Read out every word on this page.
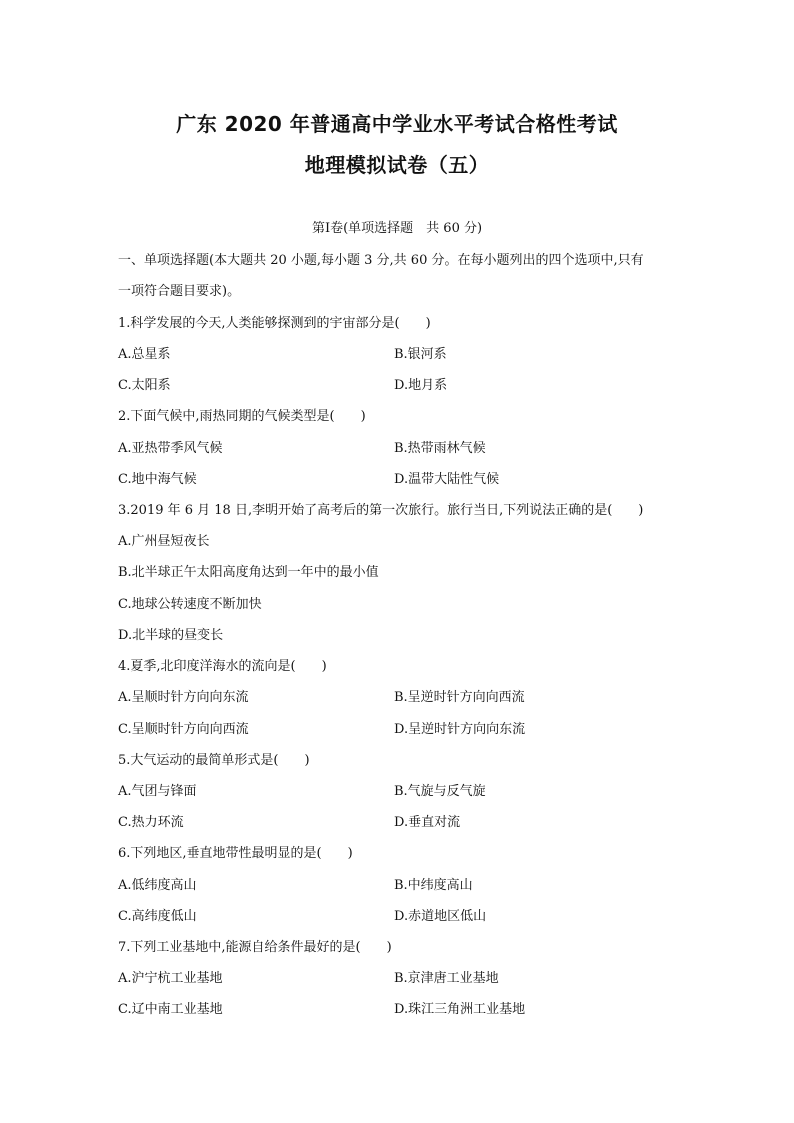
广东 2020 年普通高中学业水平考试合格性考试
地理模拟试卷（五）
第Ⅰ卷(单项选择题　共 60 分)
一、单项选择题(本大题共 20 小题,每小题 3 分,共 60 分。在每小题列出的四个选项中,只有
一项符合题目要求)。
1.科学发展的今天,人类能够探测到的宇宙部分是(　　)
A.总星系	B.银河系
C.太阳系	D.地月系
2.下面气候中,雨热同期的气候类型是(　　)
A.亚热带季风气候	B.热带雨林气候
C.地中海气候	D.温带大陆性气候
3.2019 年 6 月 18 日,李明开始了高考后的第一次旅行。旅行当日,下列说法正确的是(　　)
A.广州昼短夜长
B.北半球正午太阳高度角达到一年中的最小值
C.地球公转速度不断加快
D.北半球的昼变长
4.夏季,北印度洋海水的流向是(　　)
A.呈顺时针方向向东流	B.呈逆时针方向向西流
C.呈顺时针方向向西流	D.呈逆时针方向向东流
5.大气运动的最简单形式是(　　)
A.气团与锋面	B.气旋与反气旋
C.热力环流	D.垂直对流
6.下列地区,垂直地带性最明显的是(　　)
A.低纬度高山	B.中纬度高山
C.高纬度低山	D.赤道地区低山
7.下列工业基地中,能源自给条件最好的是(　　)
A.沪宁杭工业基地	B.京津唐工业基地
C.辽中南工业基地	D.珠江三角洲工业基地
